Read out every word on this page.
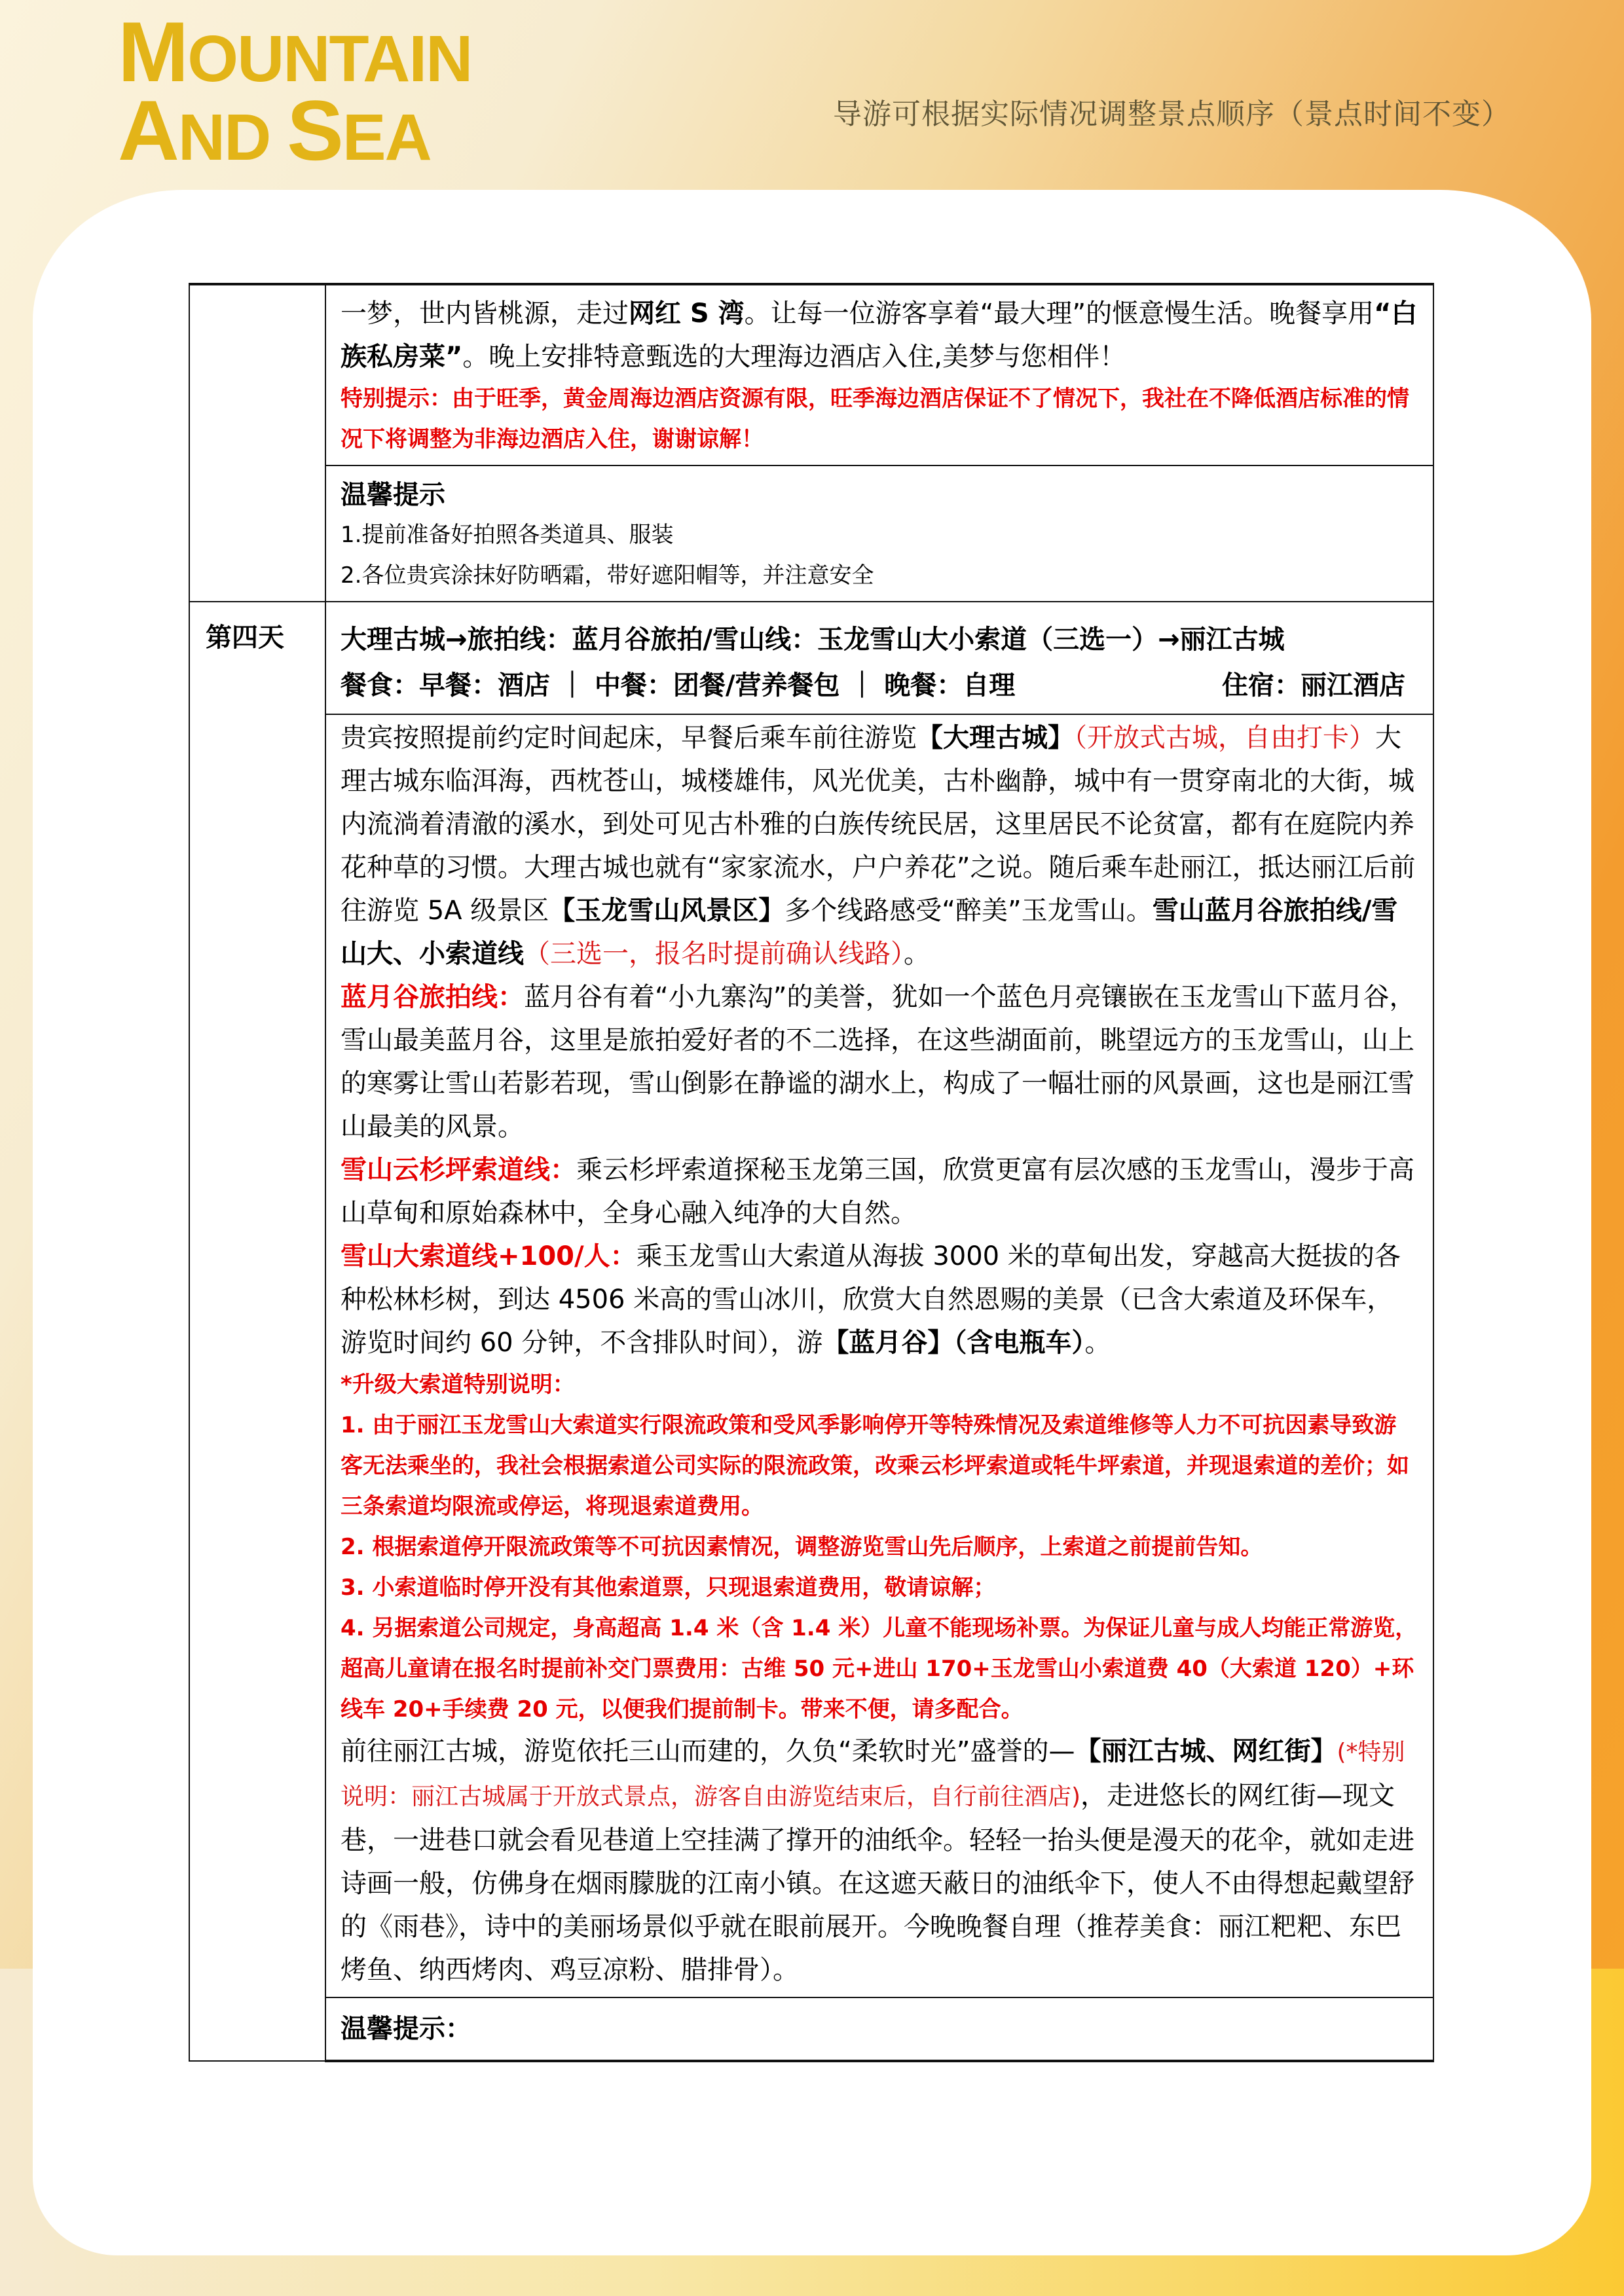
MOUNTAIN
AND SEA	导游可根据实际情况调整景点顺序（景点时间不变）

	一梦，世内皆桃源，走过网红 S 湾。让每一位游客享着“最大理”的惬意慢生活。晚餐享用“白族私房菜”。晚上安排特意甄选的大理海边酒店入住,美梦与您相伴！

特别提示：由于旺季，黄金周海边酒店资源有限，旺季海边酒店保证不了情况下，我社在不降低酒店标准的情况下将调整为非海边酒店入住，谢谢谅解！

	温馨提示
1.提前准备好拍照各类道具、服装
2.各位贵宾涂抹好防晒霜，带好遮阳帽等，并注意安全

第四天	大理古城→旅拍线：蓝月谷旅拍/雪山线：玉龙雪山大小索道（三选一）→丽江古城
餐食：早餐：酒店 ｜ 中餐：团餐/营养餐包 ｜ 晚餐：自理 住宿：丽江酒店

贵宾按照提前约定时间起床，早餐后乘车前往游览【大理古城】（开放式古城，自由打卡）大理古城东临洱海，西枕苍山，城楼雄伟，风光优美，古朴幽静，城中有一贯穿南北的大街，城内流淌着清澈的溪水，到处可见古朴雅的白族传统民居，这里居民不论贫富，都有在庭院内养花种草的习惯。大理古城也就有“家家流水，户户养花”之说。随后乘车赴丽江，抵达丽江后前往游览 5A 级景区【玉龙雪山风景区】多个线路感受“醉美”玉龙雪山。雪山蓝月谷旅拍线/雪山大、小索道线（三选一，报名时提前确认线路）。

蓝月谷旅拍线：蓝月谷有着“小九寨沟”的美誉，犹如一个蓝色月亮镶嵌在玉龙雪山下蓝月谷，雪山最美蓝月谷，这里是旅拍爱好者的不二选择，在这些湖面前，眺望远方的玉龙雪山，山上的寒雾让雪山若影若现，雪山倒影在静谧的湖水上，构成了一幅壮丽的风景画，这也是丽江雪山最美的风景。

雪山云杉坪索道线：乘云杉坪索道探秘玉龙第三国，欣赏更富有层次感的玉龙雪山，漫步于高山草甸和原始森林中，全身心融入纯净的大自然。

雪山大索道线+100/人：乘玉龙雪山大索道从海拔 3000 米的草甸出发，穿越高大挺拔的各种松林杉树，到达 4506 米高的雪山冰川，欣赏大自然恩赐的美景（已含大索道及环保车，游览时间约 60 分钟，不含排队时间），游【蓝月谷】（含电瓶车）。

*升级大索道特别说明：

1. 由于丽江玉龙雪山大索道实行限流政策和受风季影响停开等特殊情况及索道维修等人力不可抗因素导致游客无法乘坐的，我社会根据索道公司实际的限流政策，改乘云杉坪索道或牦牛坪索道，并现退索道的差价；如三条索道均限流或停运，将现退索道费用。

2. 根据索道停开限流政策等不可抗因素情况，调整游览雪山先后顺序，上索道之前提前告知。

3. 小索道临时停开没有其他索道票，只现退索道费用，敬请谅解；

4. 另据索道公司规定，身高超高 1.4 米（含 1.4 米）儿童不能现场补票。为保证儿童与成人均能正常游览，超高儿童请在报名时提前补交门票费用：古维 50 元+进山 170+玉龙雪山小索道费 40（大索道 120）+环线车 20+手续费 20 元，以便我们提前制卡。带来不便，请多配合。

前往丽江古城，游览依托三山而建的，久负“柔软时光”盛誉的—【丽江古城、网红街】(*特别说明：丽江古城属于开放式景点，游客自由游览结束后，自行前往酒店)，走进悠长的网红街—现文巷，一进巷口就会看见巷道上空挂满了撑开的油纸伞。轻轻一抬头便是漫天的花伞，就如走进诗画一般，仿佛身在烟雨朦胧的江南小镇。在这遮天蔽日的油纸伞下，使人不由得想起戴望舒的《雨巷》，诗中的美丽场景似乎就在眼前展开。今晚晚餐自理（推荐美食：丽江粑粑、东巴烤鱼、纳西烤肉、鸡豆凉粉、腊排骨）。

	温馨提示：
